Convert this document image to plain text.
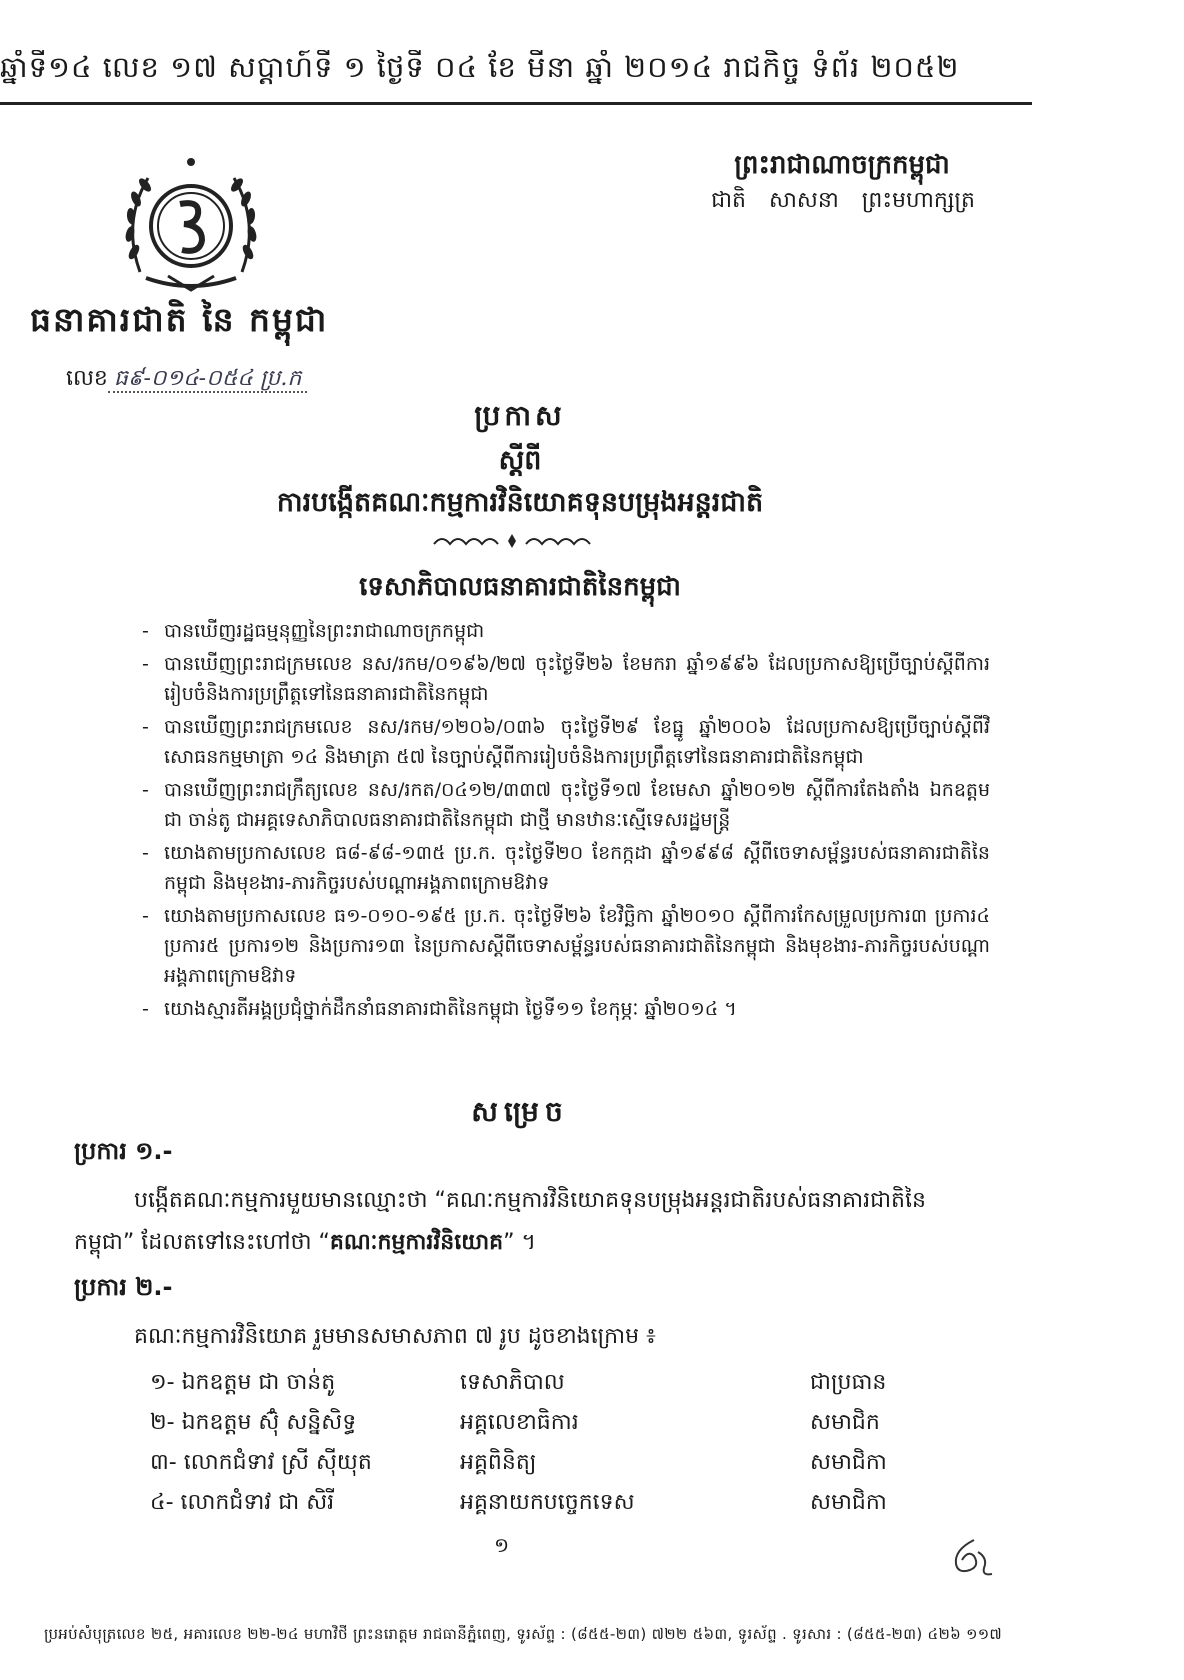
ឆ្នាំទី១៤ លេខ ១៧ សប្តាហ៍ទី ១ ថ្ងៃទី ០៤ ខែ មីនា ឆ្នាំ ២០១៤ រាជកិច្ច ទំព័រ ២០៥២
ព្រះរាជាណាចក្រកម្ពុជា
ជាតិ សាសនា ព្រះមហាក្សត្រ
ធនាគារជាតិ នៃ កម្ពុជា
លេខ ធ៩-០១៤-០៥៤ ប្រ.ក
ប្រកាស
ស្តីពី
ការបង្កើតគណៈកម្មការវិនិយោគទុនបម្រុងអន្តរជាតិ
ទេសាភិបាលធនាគារជាតិនៃកម្ពុជា
- បានឃើញរដ្ឋធម្មនុញ្ញនៃព្រះរាជាណាចក្រកម្ពុជា
- បានឃើញព្រះរាជក្រមលេខ នស/រកម/០១៩៦/២៧ ចុះថ្ងៃទី២៦ ខែមករា ឆ្នាំ១៩៩៦ ដែលប្រកាសឱ្យប្រើច្បាប់ស្តីពីការរៀបចំនិងការប្រព្រឹត្តទៅនៃធនាគារជាតិនៃកម្ពុជា
- បានឃើញព្រះរាជក្រមលេខ នស/រកម/១២០៦/០៣៦ ចុះថ្ងៃទី២៩ ខែធ្នូ ឆ្នាំ២០០៦ ដែលប្រកាសឱ្យប្រើច្បាប់ស្តីពីវិសោធនកម្មមាត្រា ១៤ និងមាត្រា ៥៧ នៃច្បាប់ស្តីពីការរៀបចំនិងការប្រព្រឹត្តទៅនៃធនាគារជាតិនៃកម្ពុជា
- បានឃើញព្រះរាជក្រឹត្យលេខ នស/រកត/០៤១២/៣៣៧ ចុះថ្ងៃទី១៧ ខែមេសា ឆ្នាំ២០១២ ស្តីពីការតែងតាំង ឯកឧត្តម ជា ចាន់តូ ជាអគ្គទេសាភិបាលធនាគារជាតិនៃកម្ពុជា ជាថ្មី មានឋានៈស្មើទេសរដ្ឋមន្ត្រី
- យោងតាមប្រកាសលេខ ធ៨-៩៨-១៣៥ ប្រ.ក. ចុះថ្ងៃទី២០ ខែកក្កដា ឆ្នាំ១៩៩៨ ស្តីពីចេទាសម្ព័ន្ធរបស់ធនាគារជាតិនៃកម្ពុជា និងមុខងារ-ភារកិច្ចរបស់បណ្តាអង្គភាពក្រោមឱវាទ
- យោងតាមប្រកាសលេខ ធ១-០១០-១៩៥ ប្រ.ក. ចុះថ្ងៃទី២៦ ខែវិច្ឆិកា ឆ្នាំ២០១០ ស្តីពីការកែសម្រួលប្រការ៣ ប្រការ៤ ប្រការ៥ ប្រការ១២ និងប្រការ១៣ នៃប្រកាសស្តីពីចេទាសម្ព័ន្ធរបស់ធនាគារជាតិនៃកម្ពុជា និងមុខងារ-ភារកិច្ចរបស់បណ្តាអង្គភាពក្រោមឱវាទ
- យោងស្មារតីអង្គប្រជុំថ្នាក់ដឹកនាំធនាគារជាតិនៃកម្ពុជា ថ្ងៃទី១១ ខែកុម្ភៈ ឆ្នាំ២០១៤ ។
សម្រេច
ប្រការ ១.-
បង្កើតគណៈកម្មការមួយមានឈ្មោះថា “គណៈកម្មការវិនិយោគទុនបម្រុងអន្តរជាតិរបស់ធនាគារជាតិនៃកម្ពុជា” ដែលតទៅនេះហៅថា “គណៈកម្មការវិនិយោគ” ។
ប្រការ ២.-
គណៈកម្មការវិនិយោគ រួមមានសមាសភាព ៧ រូប ដូចខាងក្រោម ៖
១- ឯកឧត្តម ជា ចាន់តូ	ទេសាភិបាល	ជាប្រធាន
២- ឯកឧត្តម ស៊ុំ សន្និសិទ្ធ	អគ្គលេខាធិការ	សមាជិក
៣- លោកជំទាវ ស្រី ស៊ីយុត	អគ្គពិនិត្យ	សមាជិកា
៤- លោកជំទាវ ជា សិរី	អគ្គនាយកបច្ចេកទេស	សមាជិកា
១
ប្រអប់សំបុត្រលេខ ២៥, អគារលេខ ២២-២៤ មហាវិថី ព្រះនរោត្តម រាជធានីភ្នំពេញ, ទូរស័ព្ទ : (៨៥៥-២៣) ៧២២ ៥៦៣, ទូរស័ព្ទ . ទូរសារ : (៨៥៥-២៣) ៤២៦ ១១៧
